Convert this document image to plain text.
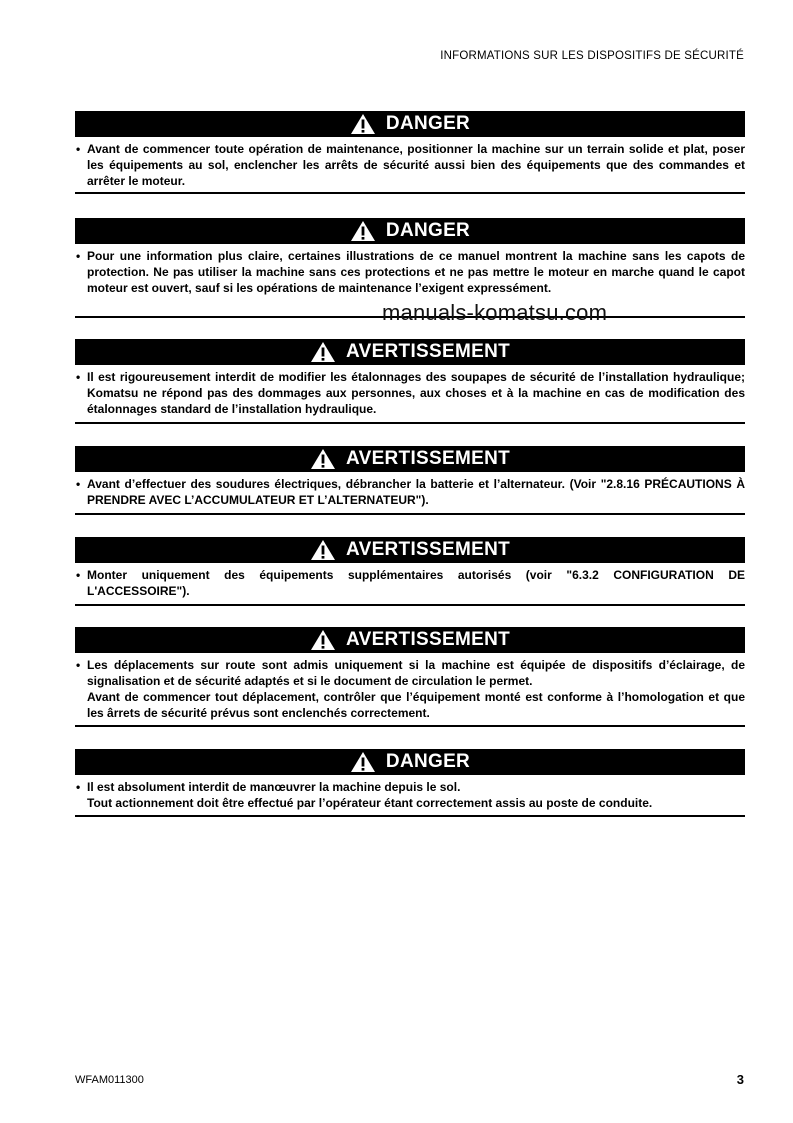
INFORMATIONS SUR LES DISPOSITIFS DE SÉCURITÉ
DANGER
• Avant de commencer toute opération de maintenance, positionner la machine sur un terrain solide et plat, poser les équipements au sol, enclencher les arrêts de sécurité aussi bien des équipements que des commandes et arrêter le moteur.

DANGER
• Pour une information plus claire, certaines illustrations de ce manuel montrent la machine sans les capots de protection. Ne pas utiliser la machine sans ces protections et ne pas mettre le moteur en marche quand le capot moteur est ouvert, sauf si les opérations de maintenance l’exigent expressément.

manuals-komatsu.com
AVERTISSEMENT
• Il est rigoureusement interdit de modifier les étalonnages des soupapes de sécurité de l’installation hydraulique; Komatsu ne répond pas des dommages aux personnes, aux choses et à la machine en cas de modification des étalonnages standard de l’installation hydraulique.

AVERTISSEMENT
• Avant d’effectuer des soudures électriques, débrancher la batterie et l’alternateur. (Voir "2.8.16 PRÉCAUTIONS À PRENDRE AVEC L’ACCUMULATEUR ET L’ALTERNATEUR").

AVERTISSEMENT
• Monter uniquement des équipements supplémentaires autorisés (voir "6.3.2 CONFIGURATION DE L'ACCESSOIRE").

AVERTISSEMENT
• Les déplacements sur route sont admis uniquement si la machine est équipée de dispositifs d’éclairage, de signalisation et de sécurité adaptés et si le document de circulation le permet.

Avant de commencer tout déplacement, contrôler que l’équipement monté est conforme à l’homologation et que les ârrets de sécurité prévus sont enclenchés correctement.

DANGER
• Il est absolument interdit de manœuvrer la machine depuis le sol.

Tout actionnement doit être effectué par l’opérateur étant correctement assis au poste de conduite.

WFAM011300	3
